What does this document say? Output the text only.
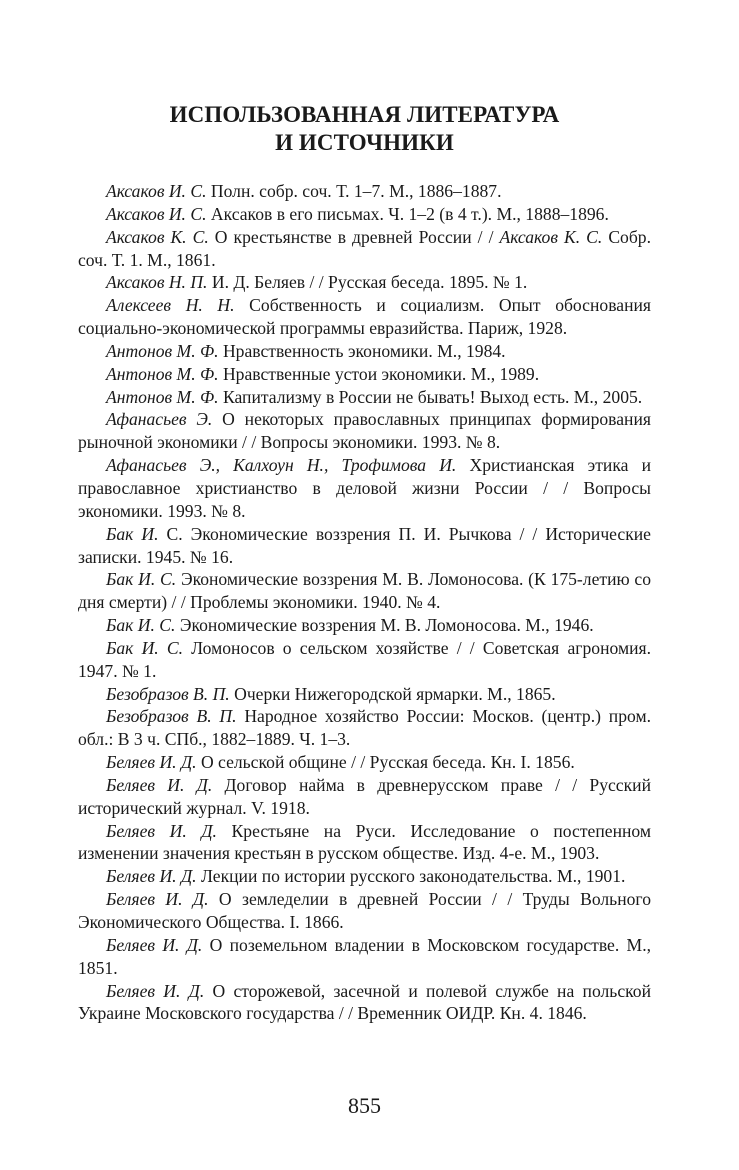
ИСПОЛЬЗОВАННАЯ ЛИТЕРАТУРА
И ИСТОЧНИКИ

Аксаков И. С. Полн. собр. соч. Т. 1–7. М., 1886–1887.

Аксаков И. С. Аксаков в его письмах. Ч. 1–2 (в 4 т.). М., 1888–1896.

Аксаков К. С. О крестьянстве в древней России / / Аксаков К. С. Собр. соч. Т. 1. М., 1861.

Аксаков Н. П. И. Д. Беляев / / Русская беседа. 1895. № 1.

Алексеев Н. Н. Собственность и социализм. Опыт обоснования социально-экономической программы евразийства. Париж, 1928.

Антонов М. Ф. Нравственность экономики. М., 1984.

Антонов М. Ф. Нравственные устои экономики. М., 1989.

Антонов М. Ф. Капитализму в России не бывать! Выход есть. М., 2005.

Афанасьев Э. О некоторых православных принципах формирования рыночной экономики / / Вопросы экономики. 1993. № 8.

Афанасьев Э., Калхоун Н., Трофимова И. Христианская этика и православное христианство в деловой жизни России / / Вопросы экономики. 1993. № 8.

Бак И. С. Экономические воззрения П. И. Рычкова / / Исторические записки. 1945. № 16.

Бак И. С. Экономические воззрения М. В. Ломоносова. (К 175-летию со дня смерти) / / Проблемы экономики. 1940. № 4.

Бак И. С. Экономические воззрения М. В. Ломоносова. М., 1946.

Бак И. С. Ломоносов о сельском хозяйстве / / Советская агрономия. 1947. № 1.

Безобразов В. П. Очерки Нижегородской ярмарки. М., 1865.

Безобразов В. П. Народное хозяйство России: Москов. (центр.) пром. обл.: В 3 ч. СПб., 1882–1889. Ч. 1–3.

Беляев И. Д. О сельской общине / / Русская беседа. Кн. I. 1856.

Беляев И. Д. Договор найма в древнерусском праве / / Русский исторический журнал. V. 1918.

Беляев И. Д. Крестьяне на Руси. Исследование о постепенном изменении значения крестьян в русском обществе. Изд. 4-е. М., 1903.

Беляев И. Д. Лекции по истории русского законодательства. М., 1901.

Беляев И. Д. О земледелии в древней России / / Труды Вольного Экономического Общества. I. 1866.

Беляев И. Д. О поземельном владении в Московском государстве. М., 1851.

Беляев И. Д. О сторожевой, засечной и полевой службе на польской Украине Московского государства / / Временник ОИДР. Кн. 4. 1846.

855
